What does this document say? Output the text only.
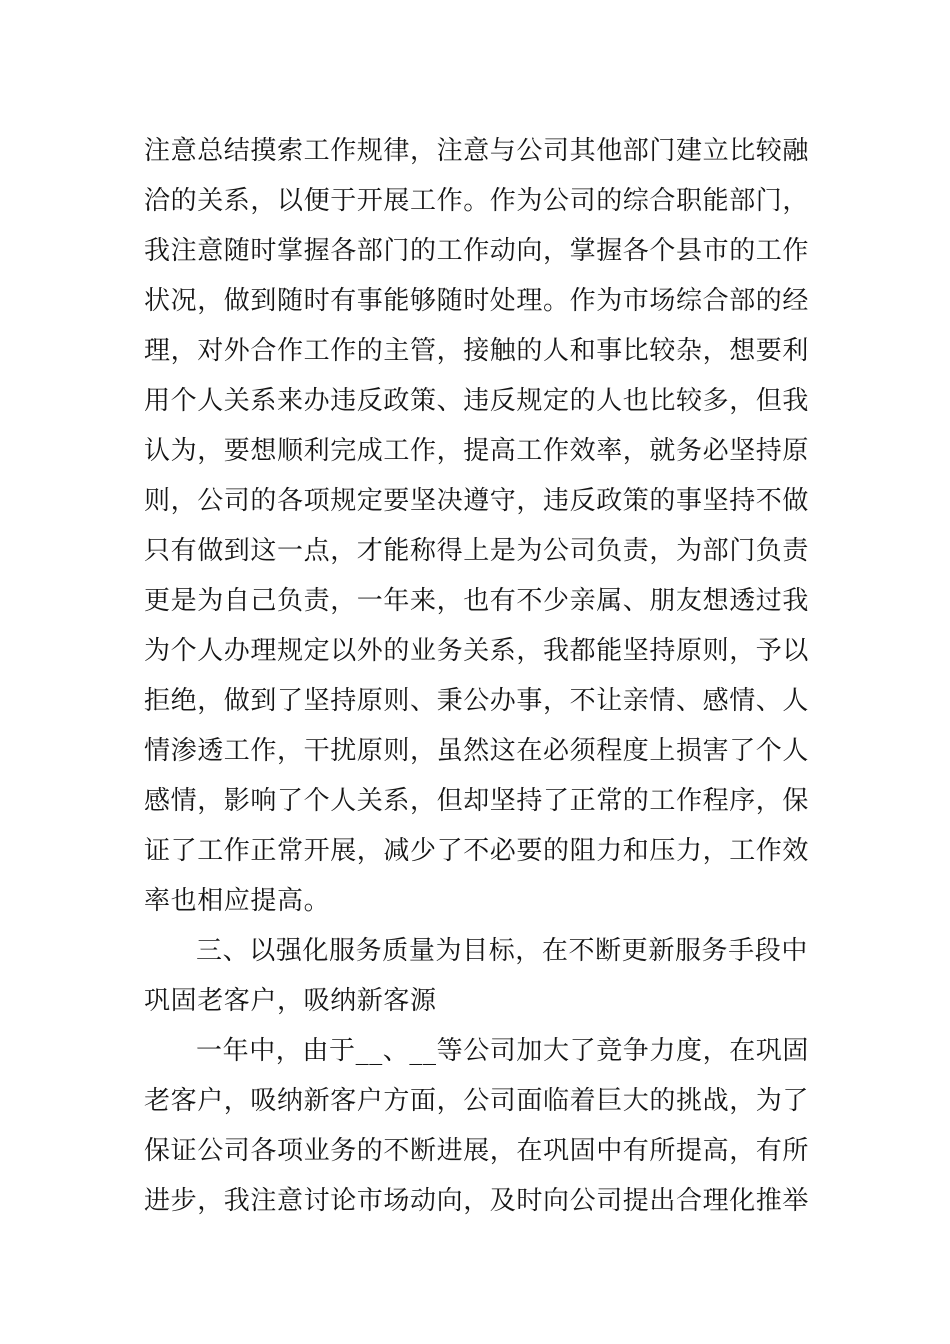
注意总结摸索工作规律，注意与公司其他部门建立比较融
洽的关系，以便于开展工作。作为公司的综合职能部门，
我注意随时掌握各部门的工作动向，掌握各个县市的工作
状况，做到随时有事能够随时处理。作为市场综合部的经
理，对外合作工作的主管，接触的人和事比较杂，想要利
用个人关系来办违反政策、违反规定的人也比较多，但我
认为，要想顺利完成工作，提高工作效率，就务必坚持原
则，公司的各项规定要坚决遵守，违反政策的事坚持不做
只有做到这一点，才能称得上是为公司负责，为部门负责
更是为自己负责，一年来，也有不少亲属、朋友想透过我
为个人办理规定以外的业务关系，我都能坚持原则，予以
拒绝，做到了坚持原则、秉公办事，不让亲情、感情、人
情渗透工作，干扰原则，虽然这在必须程度上损害了个人
感情，影响了个人关系，但却坚持了正常的工作程序，保
证了工作正常开展，减少了不必要的阻力和压力，工作效
率也相应提高。
三、以强化服务质量为目标，在不断更新服务手段中
巩固老客户，吸纳新客源
一年中，由于__、__等公司加大了竞争力度，在巩固
老客户，吸纳新客户方面，公司面临着巨大的挑战，为了
保证公司各项业务的不断进展，在巩固中有所提高，有所
进步，我注意讨论市场动向，及时向公司提出合理化推举
